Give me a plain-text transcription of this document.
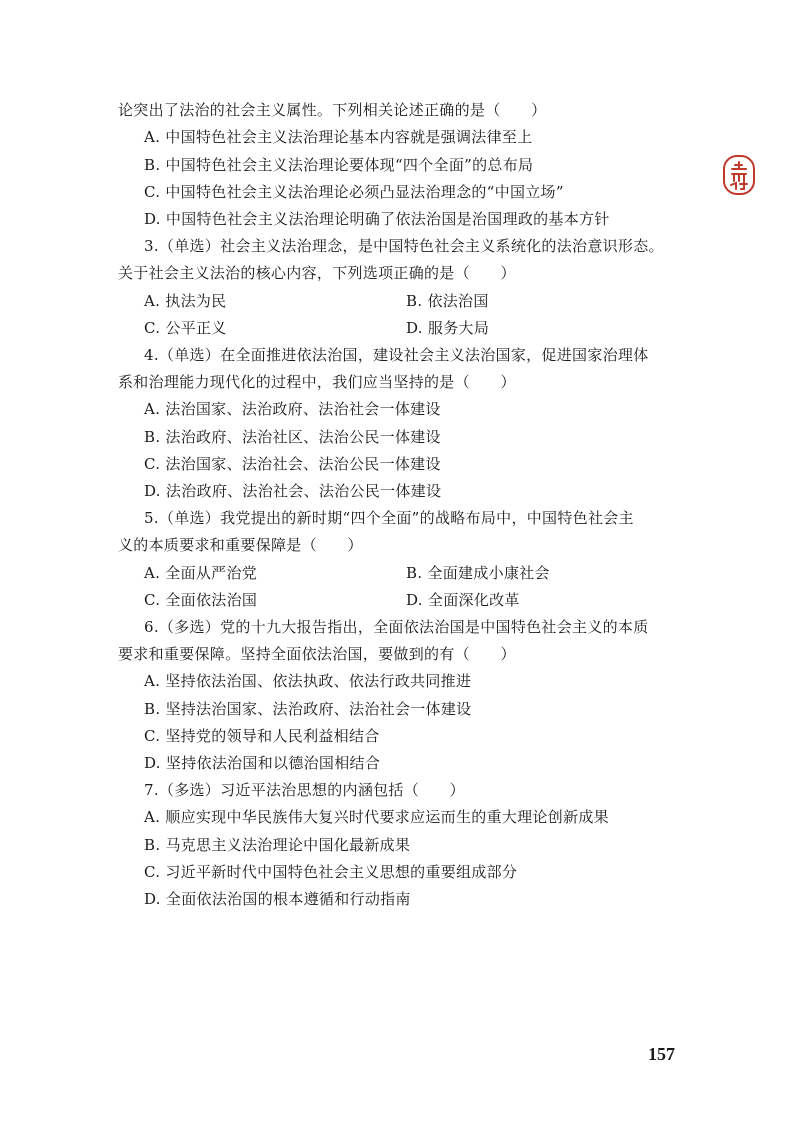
论突出了法治的社会主义属性。下列相关论述正确的是（　　）
A. 中国特色社会主义法治理论基本内容就是强调法律至上
B. 中国特色社会主义法治理论要体现“四个全面”的总布局
C. 中国特色社会主义法治理论必须凸显法治理念的“中国立场”
D. 中国特色社会主义法治理论明确了依法治国是治国理政的基本方针
3.（单选）社会主义法治理念，是中国特色社会主义系统化的法治意识形态。
关于社会主义法治的核心内容，下列选项正确的是（　　）
A. 执法为民	B. 依法治国
C. 公平正义	D. 服务大局
4.（单选）在全面推进依法治国，建设社会主义法治国家，促进国家治理体
系和治理能力现代化的过程中，我们应当坚持的是（　　）
A. 法治国家、法治政府、法治社会一体建设
B. 法治政府、法治社区、法治公民一体建设
C. 法治国家、法治社会、法治公民一体建设
D. 法治政府、法治社会、法治公民一体建设
5.（单选）我党提出的新时期“四个全面”的战略布局中，中国特色社会主
义的本质要求和重要保障是（　　）
A. 全面从严治党	B. 全面建成小康社会
C. 全面依法治国	D. 全面深化改革
6.（多选）党的十九大报告指出，全面依法治国是中国特色社会主义的本质
要求和重要保障。坚持全面依法治国，要做到的有（　　）
A. 坚持依法治国、依法执政、依法行政共同推进
B. 坚持法治国家、法治政府、法治社会一体建设
C. 坚持党的领导和人民利益相结合
D. 坚持依法治国和以德治国相结合
7.（多选）习近平法治思想的内涵包括（　　）
A. 顺应实现中华民族伟大复兴时代要求应运而生的重大理论创新成果
B. 马克思主义法治理论中国化最新成果
C. 习近平新时代中国特色社会主义思想的重要组成部分
D. 全面依法治国的根本遵循和行动指南
157
